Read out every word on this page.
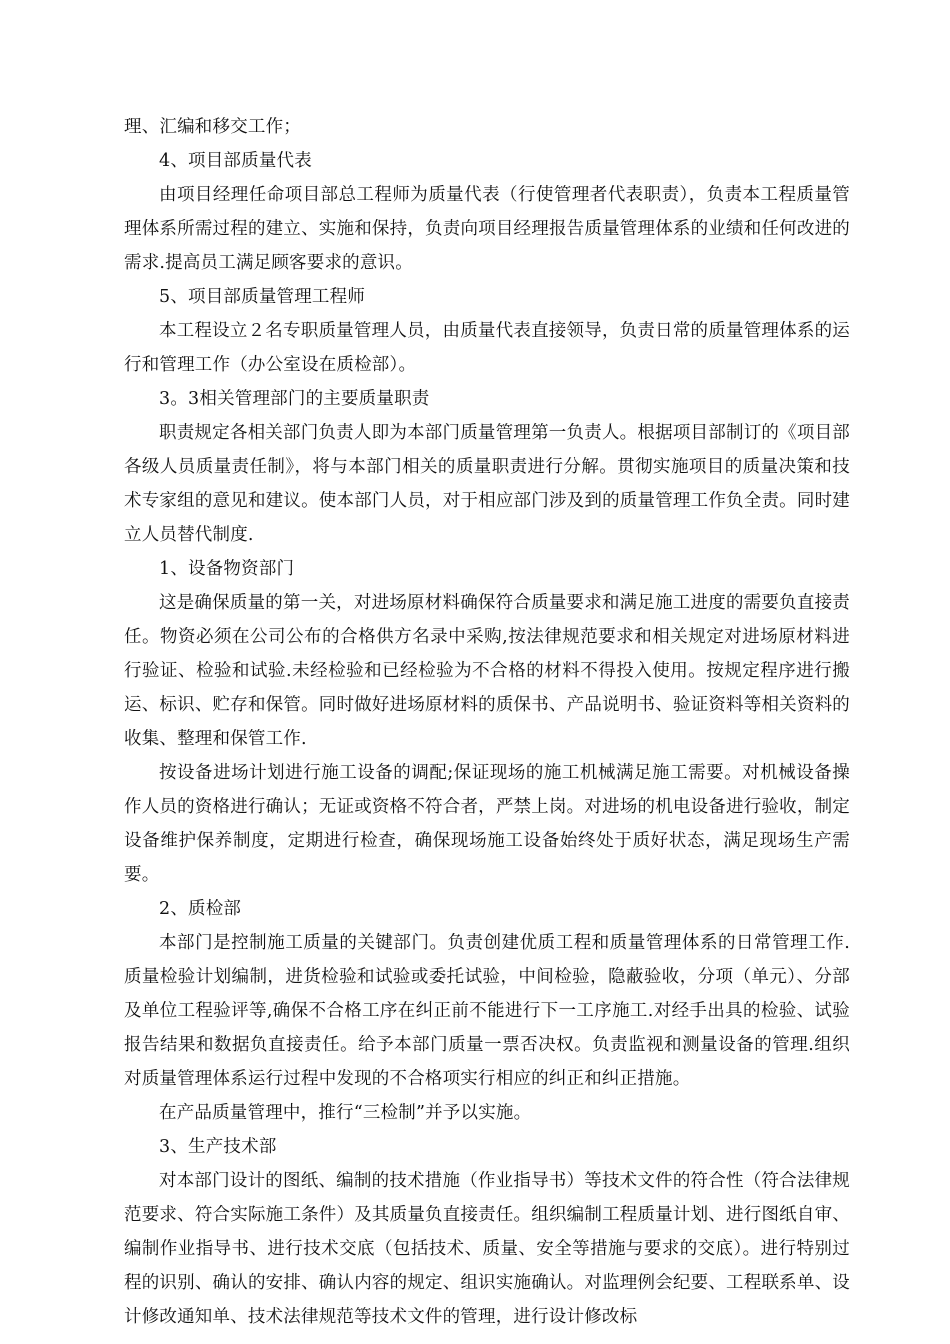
理、汇编和移交工作；

4、项目部质量代表

由项目经理任命项目部总工程师为质量代表（行使管理者代表职责），负责本工程质量管理体系所需过程的建立、实施和保持，负责向项目经理报告质量管理体系的业绩和任何改进的需求.提高员工满足顾客要求的意识。

5、项目部质量管理工程师

本工程设立２名专职质量管理人员，由质量代表直接领导，负责日常的质量管理体系的运行和管理工作（办公室设在质检部）。

3。3相关管理部门的主要质量职责

职责规定各相关部门负责人即为本部门质量管理第一负责人。根据项目部制订的《项目部各级人员质量责任制》，将与本部门相关的质量职责进行分解。贯彻实施项目的质量决策和技术专家组的意见和建议。使本部门人员，对于相应部门涉及到的质量管理工作负全责。同时建立人员替代制度.

1、设备物资部门

这是确保质量的第一关，对进场原材料确保符合质量要求和满足施工进度的需要负直接责任。物资必须在公司公布的合格供方名录中采购,按法律规范要求和相关规定对进场原材料进行验证、检验和试验.未经检验和已经检验为不合格的材料不得投入使用。按规定程序进行搬运、标识、贮存和保管。同时做好进场原材料的质保书、产品说明书、验证资料等相关资料的收集、整理和保管工作.

按设备进场计划进行施工设备的调配;保证现场的施工机械满足施工需要。对机械设备操作人员的资格进行确认；无证或资格不符合者，严禁上岗。对进场的机电设备进行验收，制定设备维护保养制度，定期进行检查，确保现场施工设备始终处于质好状态，满足现场生产需要。

2、质检部

本部门是控制施工质量的关键部门。负责创建优质工程和质量管理体系的日常管理工作.质量检验计划编制，进货检验和试验或委托试验，中间检验，隐蔽验收，分项（单元）、分部及单位工程验评等,确保不合格工序在纠正前不能进行下一工序施工.对经手出具的检验、试验报告结果和数据负直接责任。给予本部门质量一票否决权。负责监视和测量设备的管理.组织对质量管理体系运行过程中发现的不合格项实行相应的纠正和纠正措施。

在产品质量管理中，推行“三检制”并予以实施。

3、生产技术部

对本部门设计的图纸、编制的技术措施（作业指导书）等技术文件的符合性（符合法律规范要求、符合实际施工条件）及其质量负直接责任。组织编制工程质量计划、进行图纸自审、编制作业指导书、进行技术交底（包括技术、质量、安全等措施与要求的交底）。进行特别过程的识别、确认的安排、确认内容的规定、组识实施确认。对监理例会纪要、工程联系单、设计修改通知单、技术法律规范等技术文件的管理，进行设计修改标
